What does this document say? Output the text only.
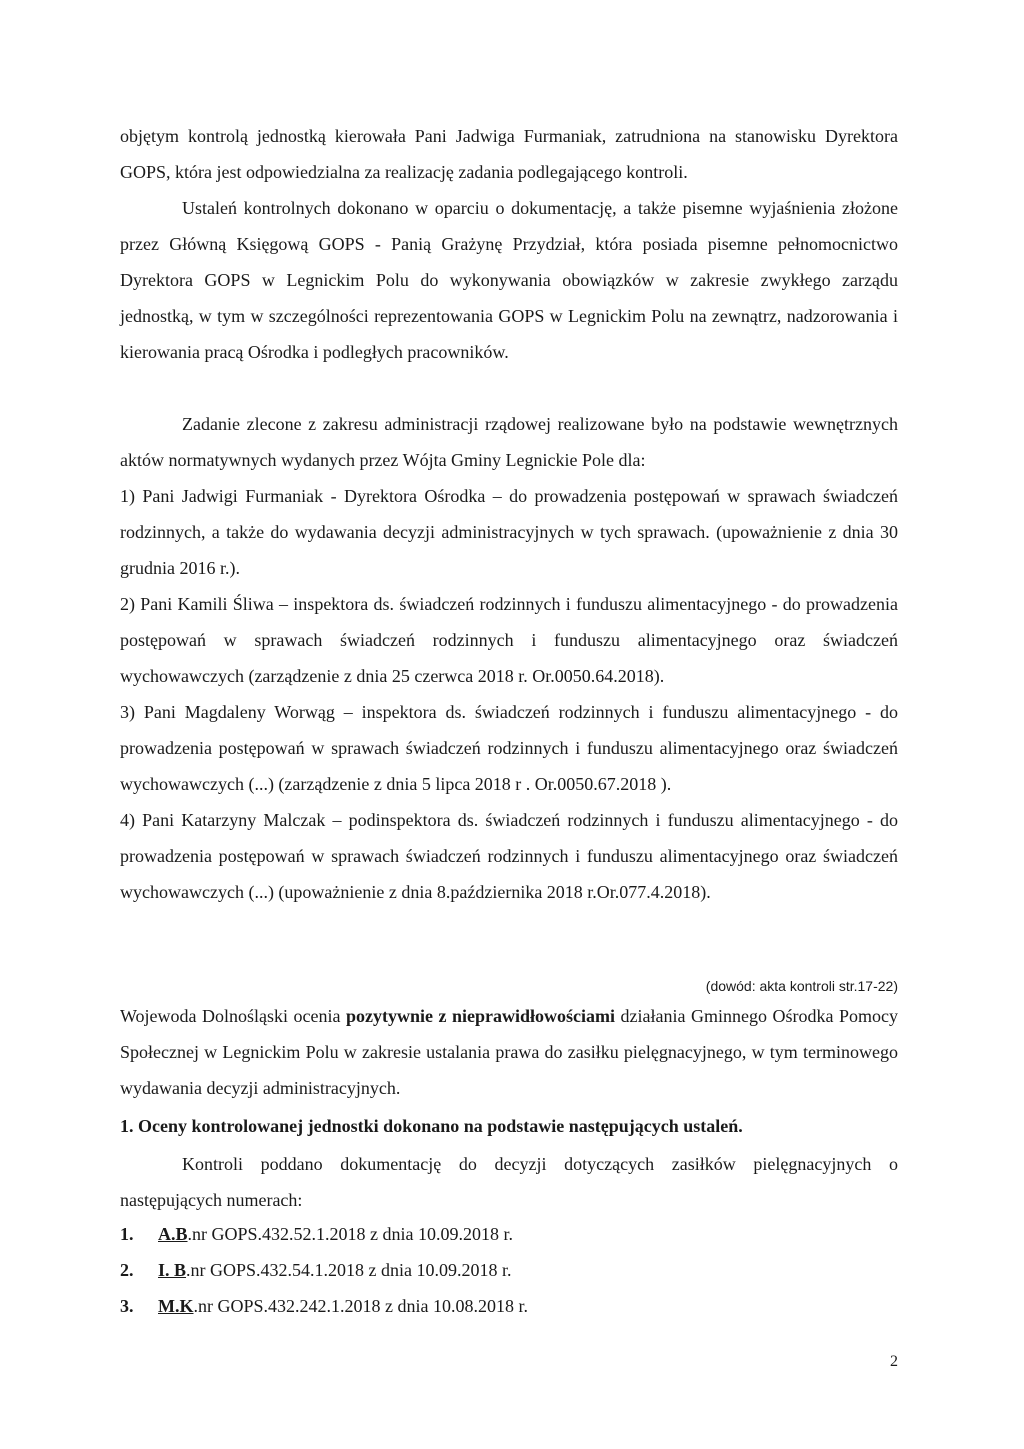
objętym kontrolą jednostką kierowała Pani Jadwiga Furmaniak, zatrudniona na stanowisku Dyrektora GOPS, która jest odpowiedzialna za realizację zadania podlegającego kontroli.

Ustaleń kontrolnych dokonano w oparciu o dokumentację, a także pisemne wyjaśnienia złożone przez Główną Księgową GOPS - Panią Grażynę Przydział, która posiada pisemne pełnomocnictwo Dyrektora GOPS w Legnickim Polu do wykonywania obowiązków w zakresie zwykłego zarządu jednostką, w tym w szczególności reprezentowania GOPS w Legnickim Polu na zewnątrz, nadzorowania i kierowania pracą Ośrodka i podległych pracowników.

Zadanie zlecone z zakresu administracji rządowej realizowane było na podstawie wewnętrznych aktów normatywnych wydanych przez Wójta Gminy Legnickie Pole dla:

1) Pani Jadwigi Furmaniak - Dyrektora Ośrodka – do prowadzenia postępowań w sprawach świadczeń rodzinnych, a także do wydawania decyzji administracyjnych w tych sprawach. (upoważnienie z dnia 30 grudnia 2016 r.).

2) Pani Kamili Śliwa – inspektora ds. świadczeń rodzinnych i funduszu alimentacyjnego - do prowadzenia postępowań w sprawach świadczeń rodzinnych i funduszu alimentacyjnego oraz świadczeń wychowawczych (zarządzenie z dnia 25 czerwca 2018 r. Or.0050.64.2018).

3) Pani Magdaleny Worwąg – inspektora ds. świadczeń rodzinnych i funduszu alimentacyjnego - do prowadzenia postępowań w sprawach świadczeń rodzinnych i funduszu alimentacyjnego oraz świadczeń wychowawczych (...) (zarządzenie z dnia 5 lipca 2018 r . Or.0050.67.2018 ).

4) Pani Katarzyny Malczak – podinspektora ds. świadczeń rodzinnych i funduszu alimentacyjnego - do prowadzenia postępowań w sprawach świadczeń rodzinnych i funduszu alimentacyjnego oraz świadczeń wychowawczych (...) (upoważnienie z dnia 8.października 2018 r.Or.077.4.2018).

(dowód: akta kontroli str.17-22)

Wojewoda Dolnośląski ocenia pozytywnie z nieprawidłowościami działania Gminnego Ośrodka Pomocy Społecznej w Legnickim Polu w zakresie ustalania prawa do zasiłku pielęgnacyjnego, w tym terminowego wydawania decyzji administracyjnych.

1. Oceny kontrolowanej jednostki dokonano na podstawie następujących ustaleń.

Kontroli poddano dokumentację do decyzji dotyczących zasiłków pielęgnacyjnych o następujących numerach:

1.	A.B . nr GOPS.432.52.1.2018 z dnia 10.09.2018 r.
2.	I. B . nr GOPS.432.54.1.2018 z dnia 10.09.2018 r.
3.	M.K . nr GOPS.432.242.1.2018 z dnia 10.08.2018 r.
2
